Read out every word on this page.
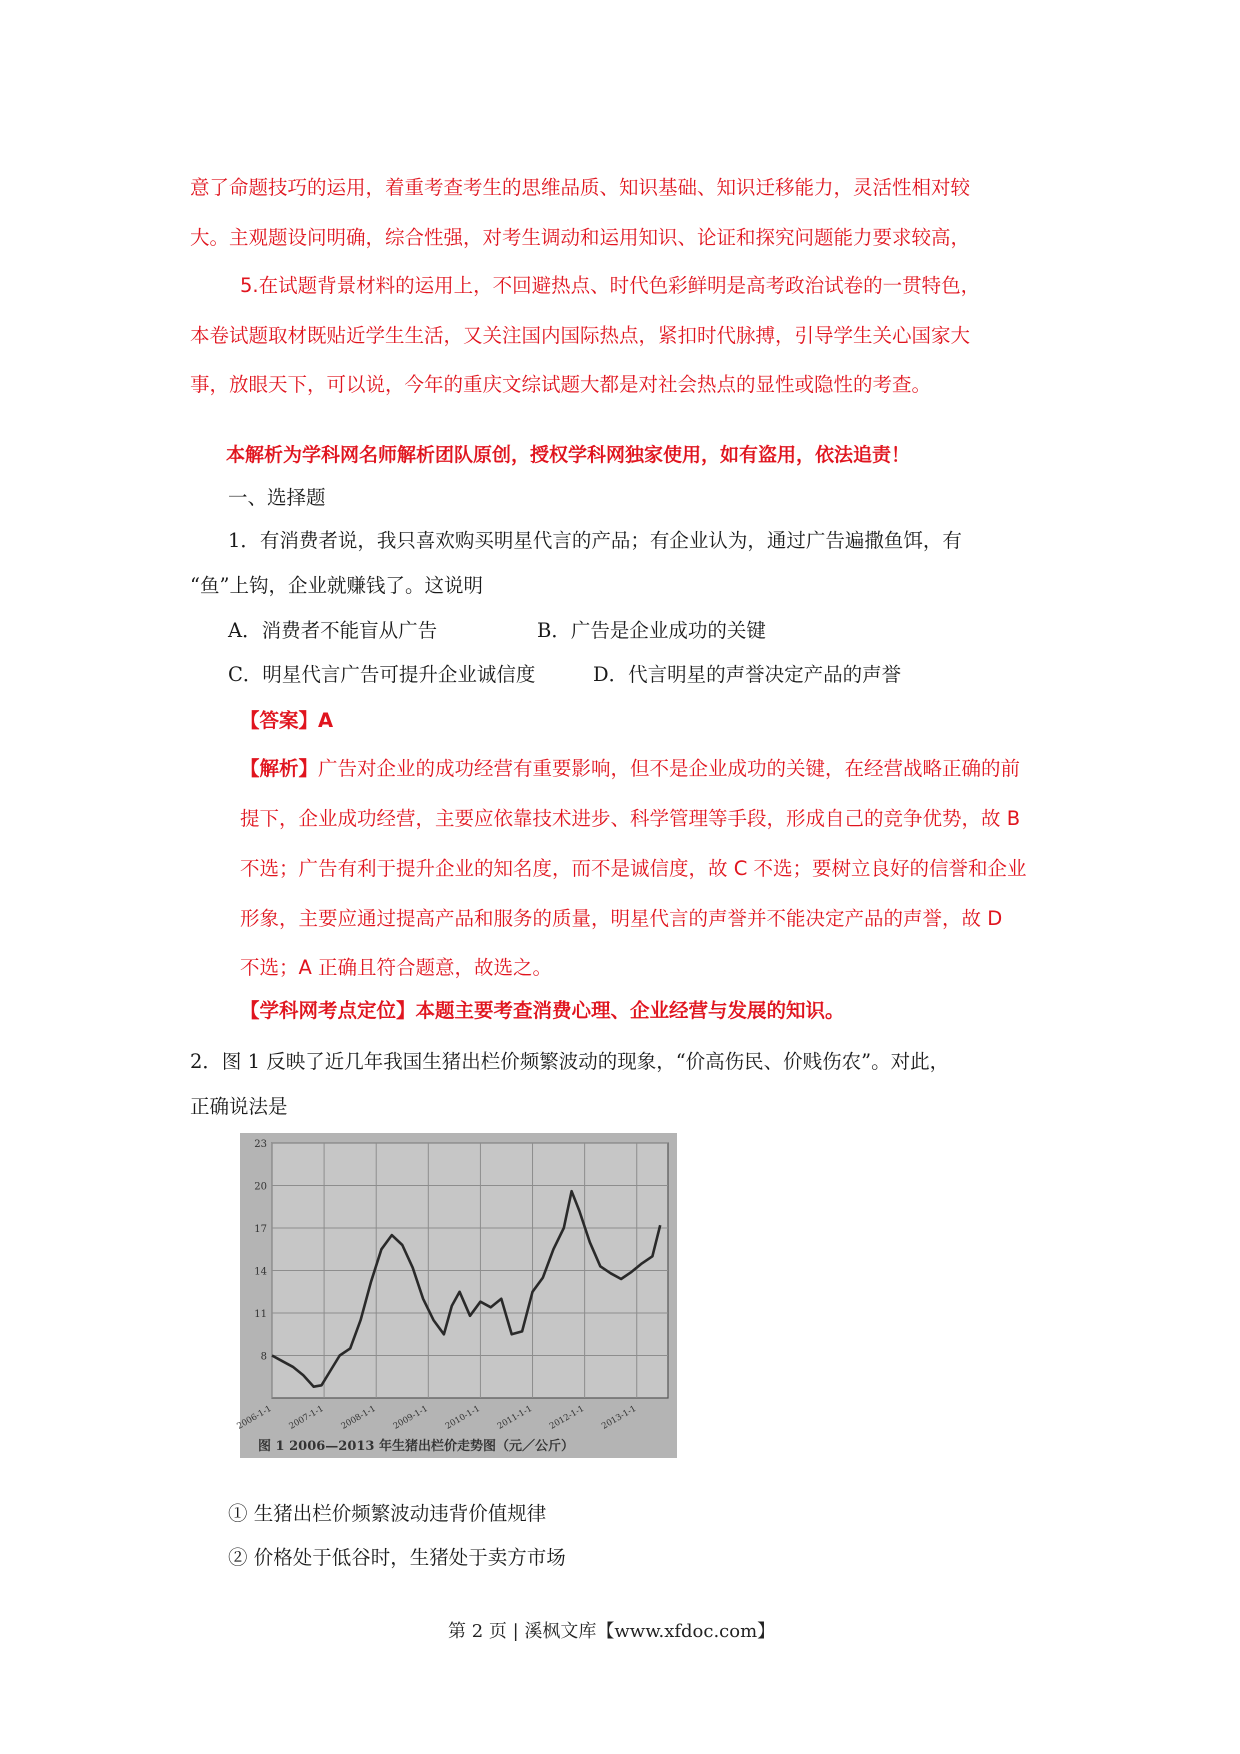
意了命题技巧的运用，着重考查考生的思维品质、知识基础、知识迁移能力，灵活性相对较
大。主观题设问明确，综合性强，对考生调动和运用知识、论证和探究问题能力要求较高，
5.在试题背景材料的运用上，不回避热点、时代色彩鲜明是高考政治试卷的一贯特色，
本卷试题取材既贴近学生生活，又关注国内国际热点，紧扣时代脉搏，引导学生关心国家大
事，放眼天下，可以说，今年的重庆文综试题大都是对社会热点的显性或隐性的考查。
本解析为学科网名师解析团队原创，授权学科网独家使用，如有盗用，依法追责！
一、选择题
1．有消费者说，我只喜欢购买明星代言的产品；有企业认为，通过广告遍撒鱼饵，有
“鱼”上钩，企业就赚钱了。这说明
A．消费者不能盲从广告	B．广告是企业成功的关键
C．明星代言广告可提升企业诚信度	D．代言明星的声誉决定产品的声誉
【答案】A
【解析】广告对企业的成功经营有重要影响，但不是企业成功的关键，在经营战略正确的前
提下，企业成功经营，主要应依靠技术进步、科学管理等手段，形成自己的竞争优势，故 B
不选；广告有利于提升企业的知名度，而不是诚信度，故 C 不选；要树立良好的信誉和企业
形象，主要应通过提高产品和服务的质量，明星代言的声誉并不能决定产品的声誉，故 D
不选；A 正确且符合题意，故选之。
【学科网考点定位】本题主要考查消费心理、企业经营与发展的知识。
2．图 1 反映了近几年我国生猪出栏价频繁波动的现象，“价高伤民、价贱伤农”。对此，
正确说法是
23
20
17
14
11
8
2006-1-1 2007-1-1 2008-1-1 2009-1-1 2010-1-1 2011-1-1 2012-1-1 2013-1-1
图 1 2006—2013 年生猪出栏价走势图（元／公斤）
① 生猪出栏价频繁波动违背价值规律
② 价格处于低谷时，生猪处于卖方市场
第 2 页 | 溪枫文库【www.xfdoc.com】
